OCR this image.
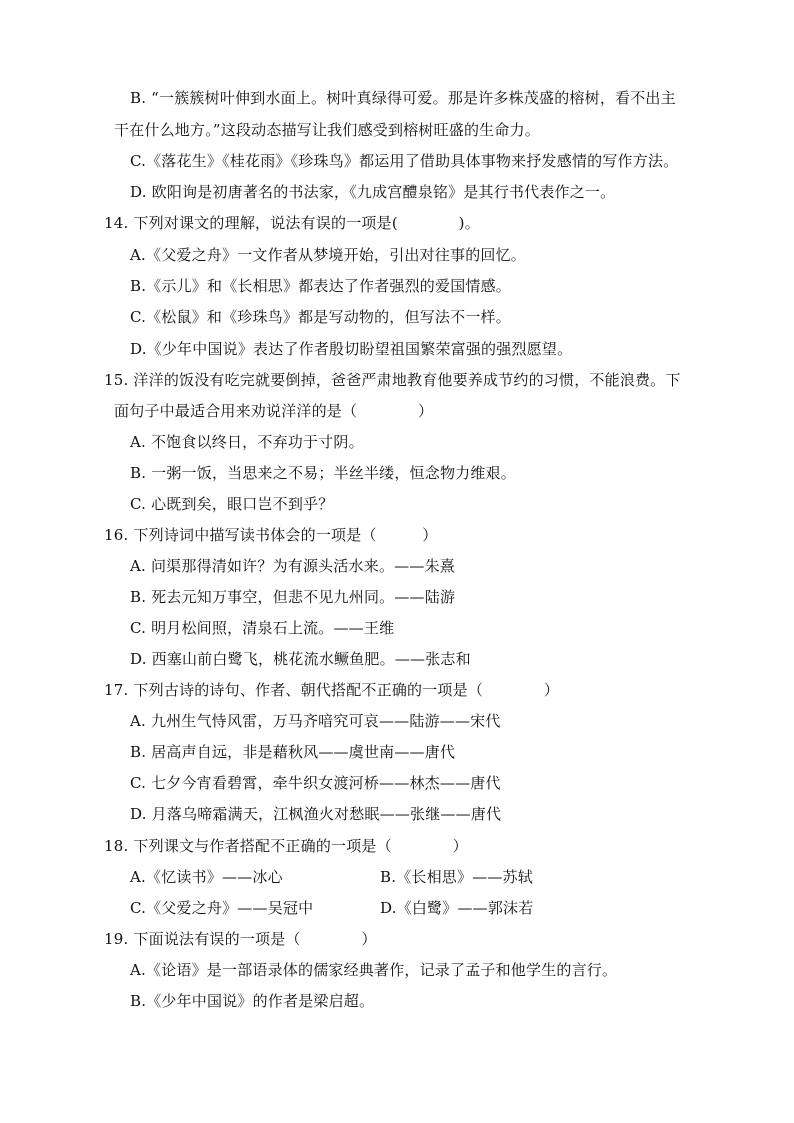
B. “一簇簇树叶伸到水面上。树叶真绿得可爱。那是许多株茂盛的榕树，看不出主
干在什么地方。”这段动态描写让我们感受到榕树旺盛的生命力。
C.《落花生》《桂花雨》《珍珠鸟》都运用了借助具体事物来抒发感情的写作方法。
D. 欧阳询是初唐著名的书法家，《九成宫醴泉铭》是其行书代表作之一。
14. 下列对课文的理解，说法有误的一项是(　　　　)。
A.《父爱之舟》一文作者从梦境开始，引出对往事的回忆。
B.《示儿》和《长相思》都表达了作者强烈的爱国情感。
C.《松鼠》和《珍珠鸟》都是写动物的，但写法不一样。
D.《少年中国说》表达了作者殷切盼望祖国繁荣富强的强烈愿望。
15. 洋洋的饭没有吃完就要倒掉，爸爸严肃地教育他要养成节约的习惯，不能浪费。下
面句子中最适合用来劝说洋洋的是（　　　　）
A. 不饱食以终日，不弃功于寸阴。
B. 一粥一饭，当思来之不易；半丝半缕，恒念物力维艰。
C. 心既到矣，眼口岂不到乎？
16. 下列诗词中描写读书体会的一项是（　　　）
A. 问渠那得清如许？为有源头活水来。——朱熹
B. 死去元知万事空，但悲不见九州同。——陆游
C. 明月松间照，清泉石上流。——王维
D. 西塞山前白鹭飞，桃花流水鳜鱼肥。——张志和
17. 下列古诗的诗句、作者、朝代搭配不正确的一项是（　　　　）
A. 九州生气恃风雷，万马齐喑究可哀——陆游——宋代
B. 居高声自远，非是藉秋风——虞世南——唐代
C. 七夕今宵看碧霄，牵牛织女渡河桥——林杰——唐代
D. 月落乌啼霜满天，江枫渔火对愁眠——张继——唐代
18. 下列课文与作者搭配不正确的一项是（　　　　）
A.《忆读书》——冰心	B.《长相思》——苏轼
C.《父爱之舟》——吴冠中	D.《白鹭》——郭沫若
19. 下面说法有误的一项是（　　　　）
A.《论语》是一部语录体的儒家经典著作，记录了孟子和他学生的言行。
B.《少年中国说》的作者是梁启超。
